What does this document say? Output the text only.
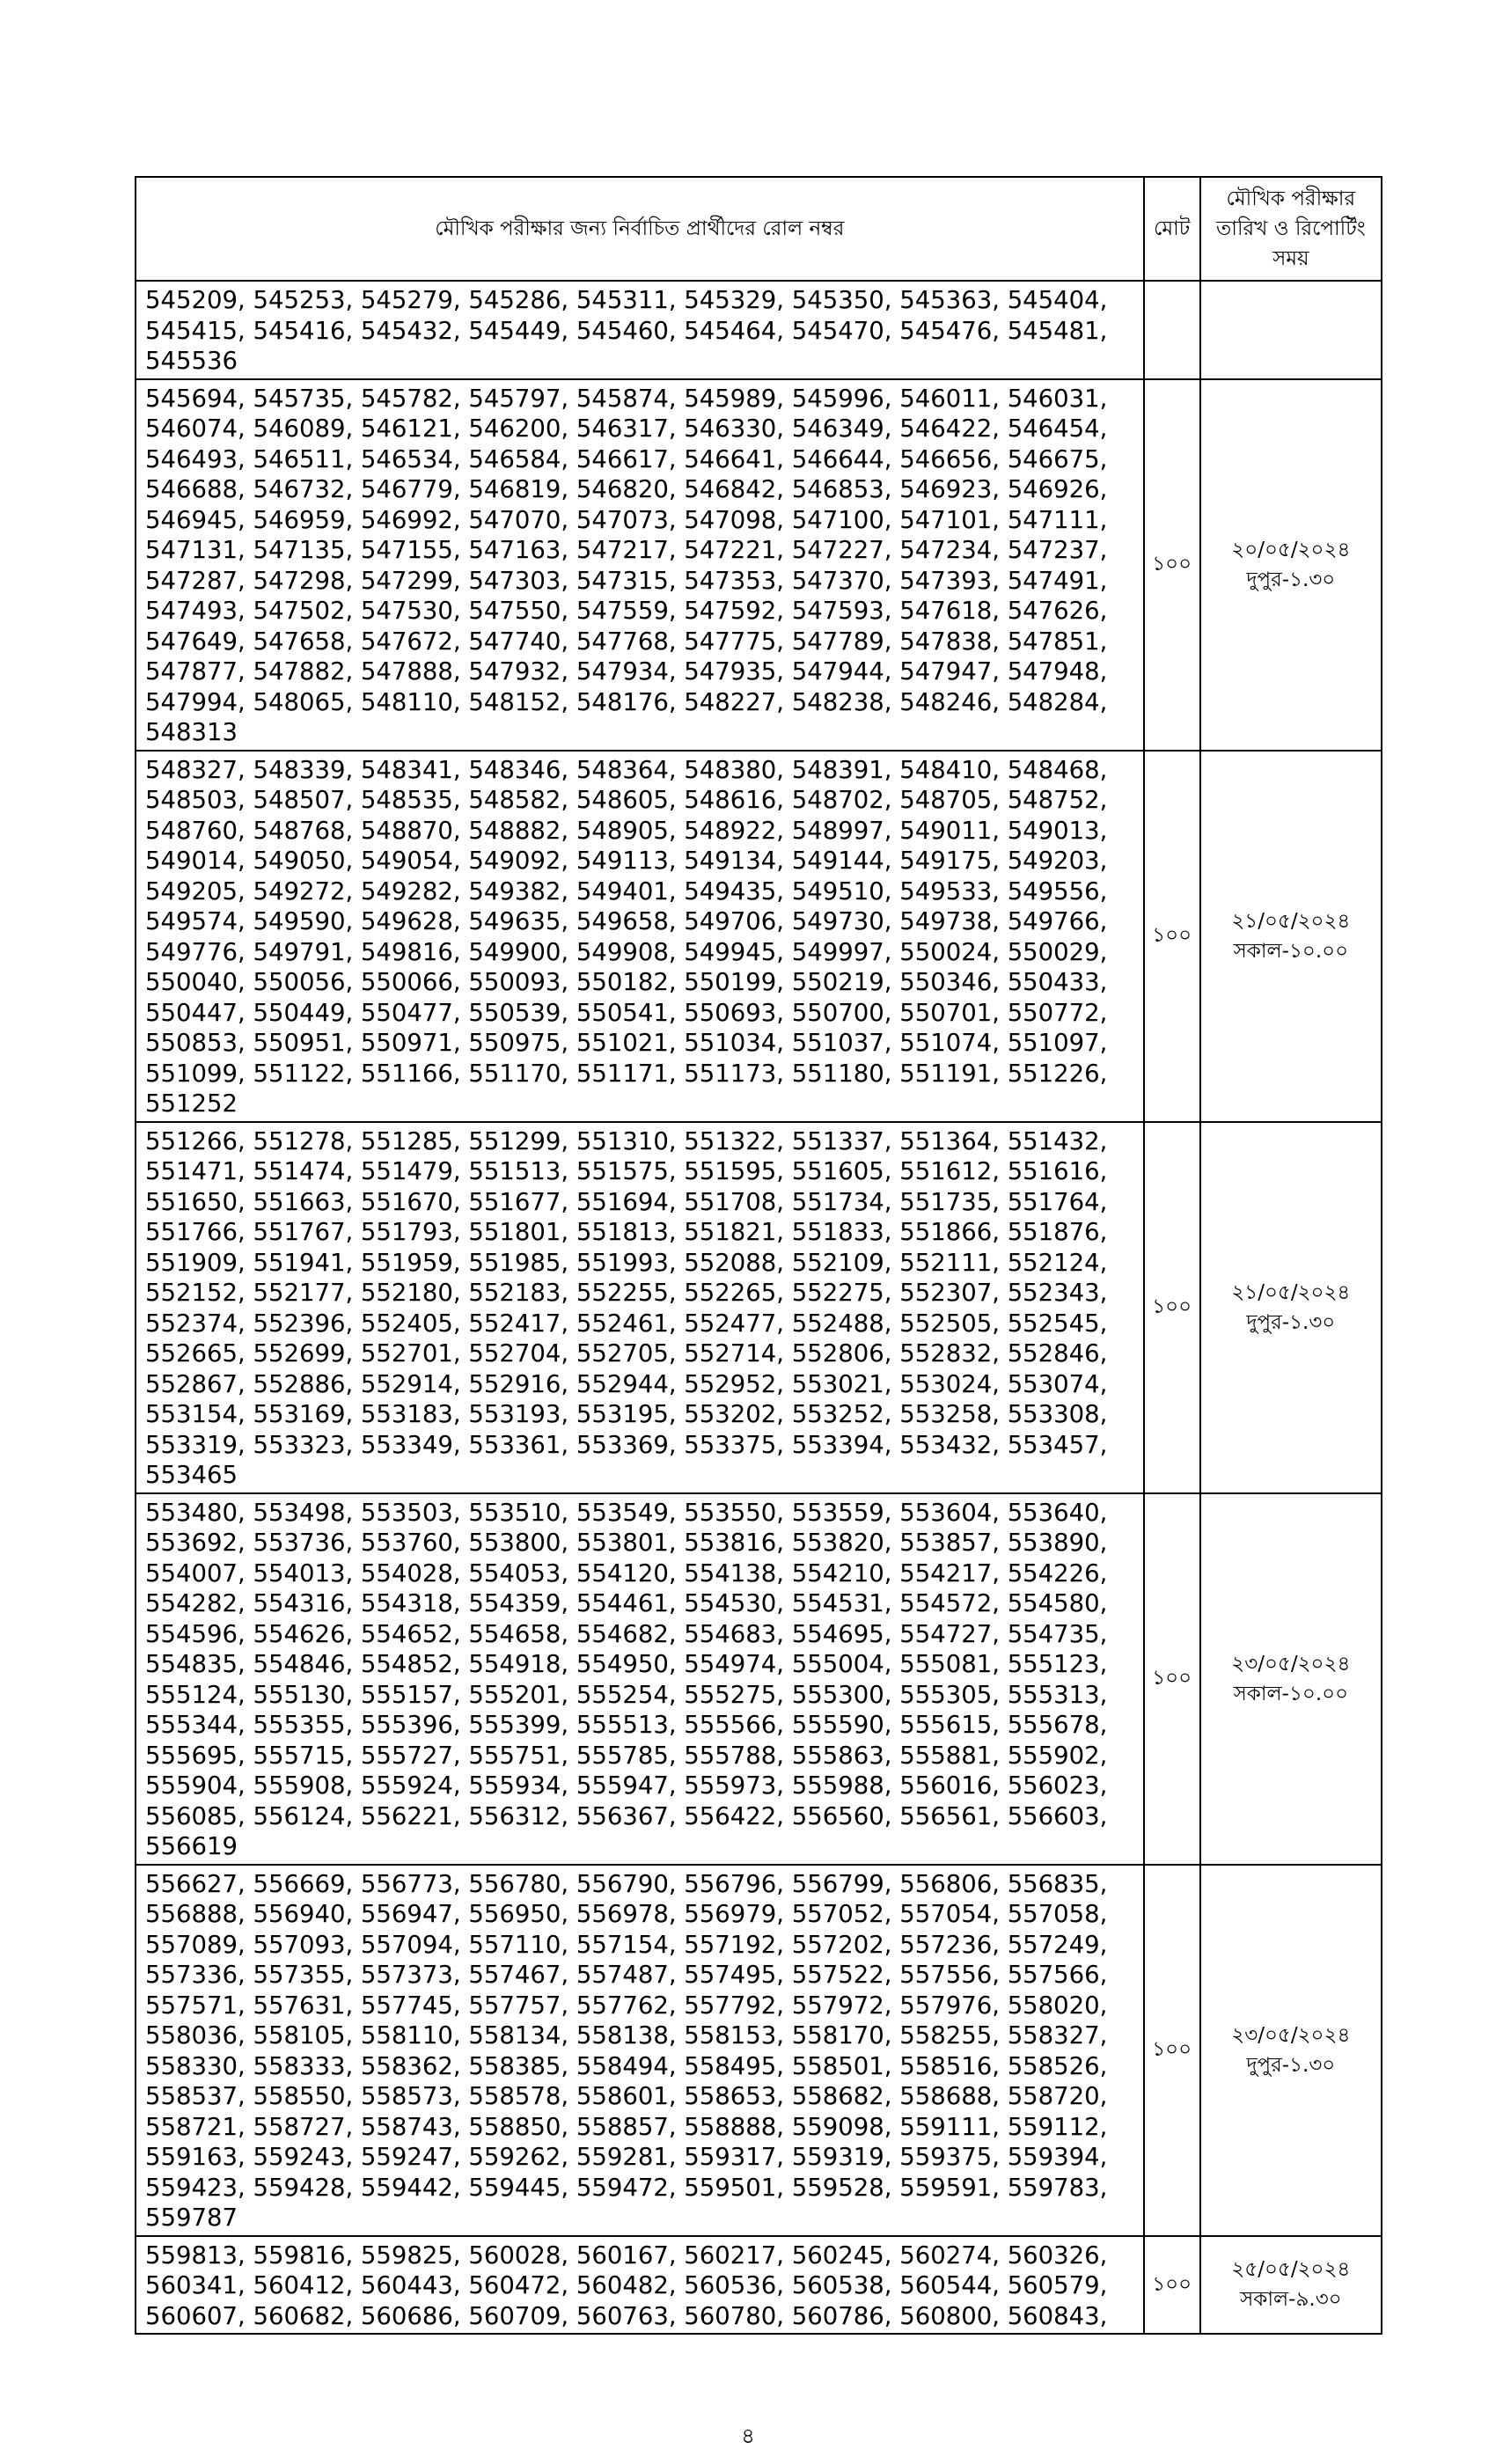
মৌখিক পরীক্ষার জন্য নির্বাচিত প্রার্থীদের রোল নম্বর	মোট	মৌখিক পরীক্ষার
তারিখ ও রিপোর্টিং
সময়

545209, 545253, 545279, 545286, 545311, 545329, 545350, 545363, 545404, 545415, 545416, 545432, 545449, 545460, 545464, 545470, 545476, 545481, 545536		

545694, 545735, 545782, 545797, 545874, 545989, 545996, 546011, 546031, 546074, 546089, 546121, 546200, 546317, 546330, 546349, 546422, 546454, 546493, 546511, 546534, 546584, 546617, 546641, 546644, 546656, 546675, 546688, 546732, 546779, 546819, 546820, 546842, 546853, 546923, 546926, 546945, 546959, 546992, 547070, 547073, 547098, 547100, 547101, 547111, 547131, 547135, 547155, 547163, 547217, 547221, 547227, 547234, 547237, 547287, 547298, 547299, 547303, 547315, 547353, 547370, 547393, 547491, 547493, 547502, 547530, 547550, 547559, 547592, 547593, 547618, 547626, 547649, 547658, 547672, 547740, 547768, 547775, 547789, 547838, 547851, 547877, 547882, 547888, 547932, 547934, 547935, 547944, 547947, 547948, 547994, 548065, 548110, 548152, 548176, 548227, 548238, 548246, 548284, 548313	১০০	২০/০৫/২০২৪
দুপুর-১.৩০

548327, 548339, 548341, 548346, 548364, 548380, 548391, 548410, 548468, 548503, 548507, 548535, 548582, 548605, 548616, 548702, 548705, 548752, 548760, 548768, 548870, 548882, 548905, 548922, 548997, 549011, 549013, 549014, 549050, 549054, 549092, 549113, 549134, 549144, 549175, 549203, 549205, 549272, 549282, 549382, 549401, 549435, 549510, 549533, 549556, 549574, 549590, 549628, 549635, 549658, 549706, 549730, 549738, 549766, 549776, 549791, 549816, 549900, 549908, 549945, 549997, 550024, 550029, 550040, 550056, 550066, 550093, 550182, 550199, 550219, 550346, 550433, 550447, 550449, 550477, 550539, 550541, 550693, 550700, 550701, 550772, 550853, 550951, 550971, 550975, 551021, 551034, 551037, 551074, 551097, 551099, 551122, 551166, 551170, 551171, 551173, 551180, 551191, 551226, 551252	১০০	২১/০৫/২০২৪
সকাল-১০.০০

551266, 551278, 551285, 551299, 551310, 551322, 551337, 551364, 551432, 551471, 551474, 551479, 551513, 551575, 551595, 551605, 551612, 551616, 551650, 551663, 551670, 551677, 551694, 551708, 551734, 551735, 551764, 551766, 551767, 551793, 551801, 551813, 551821, 551833, 551866, 551876, 551909, 551941, 551959, 551985, 551993, 552088, 552109, 552111, 552124, 552152, 552177, 552180, 552183, 552255, 552265, 552275, 552307, 552343, 552374, 552396, 552405, 552417, 552461, 552477, 552488, 552505, 552545, 552665, 552699, 552701, 552704, 552705, 552714, 552806, 552832, 552846, 552867, 552886, 552914, 552916, 552944, 552952, 553021, 553024, 553074, 553154, 553169, 553183, 553193, 553195, 553202, 553252, 553258, 553308, 553319, 553323, 553349, 553361, 553369, 553375, 553394, 553432, 553457, 553465	১০০	২১/০৫/২০২৪
দুপুর-১.৩০

553480, 553498, 553503, 553510, 553549, 553550, 553559, 553604, 553640, 553692, 553736, 553760, 553800, 553801, 553816, 553820, 553857, 553890, 554007, 554013, 554028, 554053, 554120, 554138, 554210, 554217, 554226, 554282, 554316, 554318, 554359, 554461, 554530, 554531, 554572, 554580, 554596, 554626, 554652, 554658, 554682, 554683, 554695, 554727, 554735, 554835, 554846, 554852, 554918, 554950, 554974, 555004, 555081, 555123, 555124, 555130, 555157, 555201, 555254, 555275, 555300, 555305, 555313, 555344, 555355, 555396, 555399, 555513, 555566, 555590, 555615, 555678, 555695, 555715, 555727, 555751, 555785, 555788, 555863, 555881, 555902, 555904, 555908, 555924, 555934, 555947, 555973, 555988, 556016, 556023, 556085, 556124, 556221, 556312, 556367, 556422, 556560, 556561, 556603, 556619	১০০	২৩/০৫/২০২৪
সকাল-১০.০০

556627, 556669, 556773, 556780, 556790, 556796, 556799, 556806, 556835, 556888, 556940, 556947, 556950, 556978, 556979, 557052, 557054, 557058, 557089, 557093, 557094, 557110, 557154, 557192, 557202, 557236, 557249, 557336, 557355, 557373, 557467, 557487, 557495, 557522, 557556, 557566, 557571, 557631, 557745, 557757, 557762, 557792, 557972, 557976, 558020, 558036, 558105, 558110, 558134, 558138, 558153, 558170, 558255, 558327, 558330, 558333, 558362, 558385, 558494, 558495, 558501, 558516, 558526, 558537, 558550, 558573, 558578, 558601, 558653, 558682, 558688, 558720, 558721, 558727, 558743, 558850, 558857, 558888, 559098, 559111, 559112, 559163, 559243, 559247, 559262, 559281, 559317, 559319, 559375, 559394, 559423, 559428, 559442, 559445, 559472, 559501, 559528, 559591, 559783, 559787	১০০	২৩/০৫/২০২৪
দুপুর-১.৩০

559813, 559816, 559825, 560028, 560167, 560217, 560245, 560274, 560326, 560341, 560412, 560443, 560472, 560482, 560536, 560538, 560544, 560579, 560607, 560682, 560686, 560709, 560763, 560780, 560786, 560800, 560843,	১০০	২৫/০৫/২০২৪
সকাল-৯.৩০
৪
